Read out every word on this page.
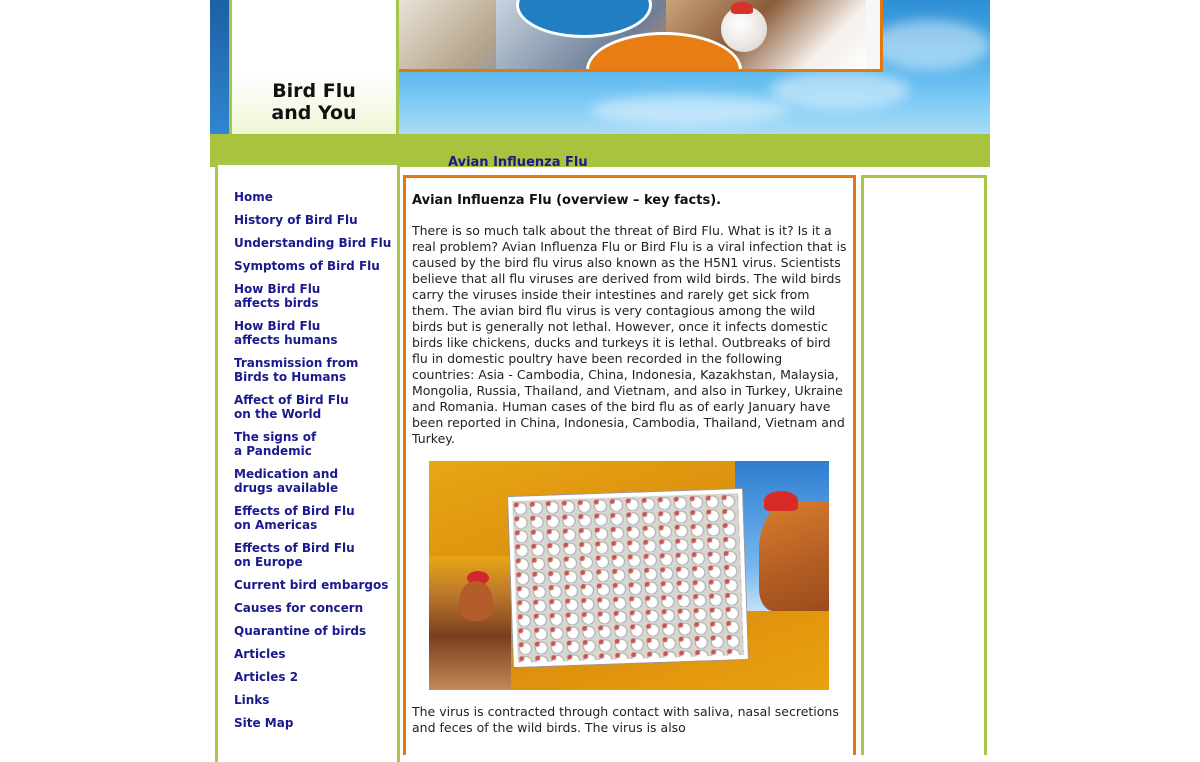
Bird Flu
and You
Avian Influenza Flu
Home
History of Bird Flu
Understanding Bird Flu
Symptoms of Bird Flu
How Bird Flu
affects birds
How Bird Flu
affects humans
Transmission from
Birds to Humans
Affect of Bird Flu
on the World
The signs of
a Pandemic
Medication and
drugs available
Effects of Bird Flu
on Americas
Effects of Bird Flu
on Europe
Current bird embargos
Causes for concern
Quarantine of birds
Articles
Articles 2
Links
Site Map
Avian Influenza Flu (overview – key facts).

There is so much talk about the threat of Bird Flu. What is it? Is it a real problem? Avian Influenza Flu or Bird Flu is a viral infection that is caused by the bird flu virus also known as the H5N1 virus. Scientists believe that all flu viruses are derived from wild birds. The wild birds carry the viruses inside their intestines and rarely get sick from them. The avian bird flu virus is very contagious among the wild birds but is generally not lethal. However, once it infects domestic birds like chickens, ducks and turkeys it is lethal. Outbreaks of bird flu in domestic poultry have been recorded in the following countries: Asia - Cambodia, China, Indonesia, Kazakhstan, Malaysia, Mongolia, Russia, Thailand, and Vietnam, and also in Turkey, Ukraine and Romania. Human cases of the bird flu as of early January have been reported in China, Indonesia, Cambodia, Thailand, Vietnam and Turkey.

The virus is contracted through contact with saliva, nasal secretions and feces of the wild birds. The virus is also
